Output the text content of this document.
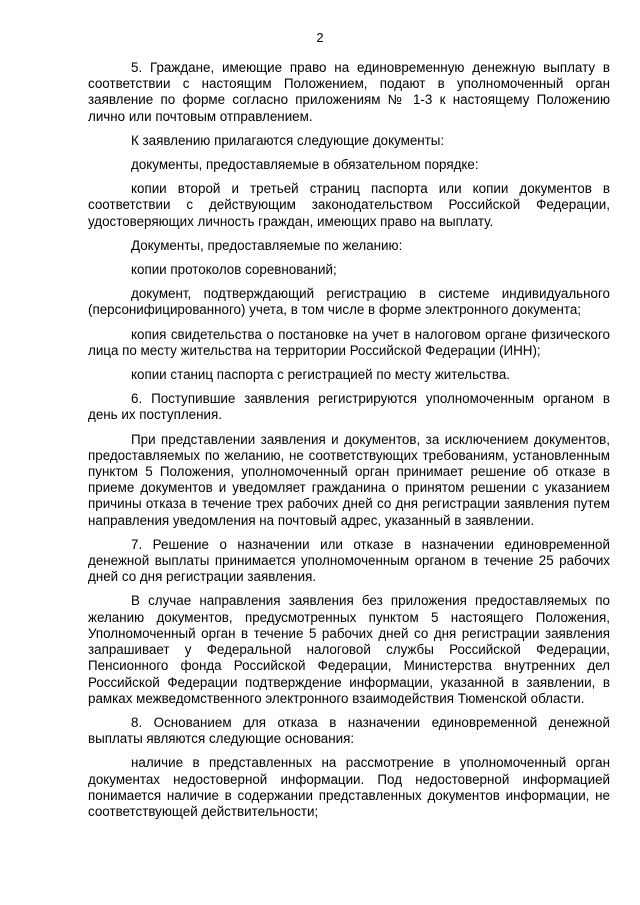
2

5. Граждане, имеющие право на единовременную денежную выплату в соответствии с настоящим Положением, подают в уполномоченный орган заявление по форме согласно приложениям № 1-3 к настоящему Положению лично или почтовым отправлением.

К заявлению прилагаются следующие документы:

документы, предоставляемые в обязательном порядке:

копии второй и третьей страниц паспорта или копии документов в соответствии с действующим законодательством Российской Федерации, удостоверяющих личность граждан, имеющих право на выплату.

Документы, предоставляемые по желанию:

копии протоколов соревнований;

документ, подтверждающий регистрацию в системе индивидуального (персонифицированного) учета, в том числе в форме электронного документа;

копия свидетельства о постановке на учет в налоговом органе физического лица по месту жительства на территории Российской Федерации (ИНН);

копии станиц паспорта с регистрацией по месту жительства.

6. Поступившие заявления регистрируются уполномоченным органом в день их поступления.

При представлении заявления и документов, за исключением документов, предоставляемых по желанию, не соответствующих требованиям, установленным пунктом 5 Положения, уполномоченный орган принимает решение об отказе в приеме документов и уведомляет гражданина о принятом решении с указанием причины отказа в течение трех рабочих дней со дня регистрации заявления путем направления уведомления на почтовый адрес, указанный в заявлении.

7. Решение о назначении или отказе в назначении единовременной денежной выплаты принимается уполномоченным органом в течение 25 рабочих дней со дня регистрации заявления.

В случае направления заявления без приложения предоставляемых по желанию документов, предусмотренных пунктом 5 настоящего Положения, Уполномоченный орган в течение 5 рабочих дней со дня регистрации заявления запрашивает у Федеральной налоговой службы Российской Федерации, Пенсионного фонда Российской Федерации, Министерства внутренних дел Российской Федерации подтверждение информации, указанной в заявлении, в рамках межведомственного электронного взаимодействия Тюменской области.

8. Основанием для отказа в назначении единовременной денежной выплаты являются следующие основания:

наличие в представленных на рассмотрение в уполномоченный орган документах недостоверной информации. Под недостоверной информацией понимается наличие в содержании представленных документов информации, не соответствующей действительности;
